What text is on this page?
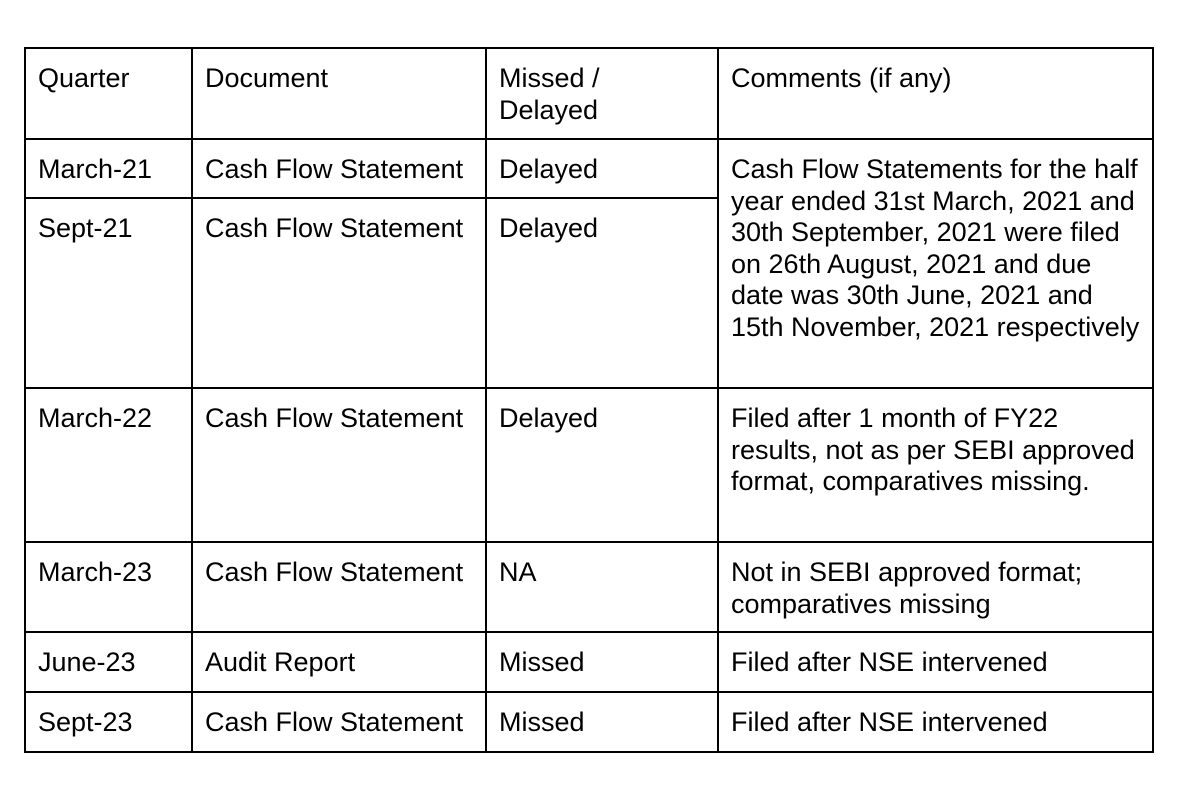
Quarter	Document	Missed / Delayed	Comments (if any)
March-21	Cash Flow Statement	Delayed	Cash Flow Statements for the half year ended 31st March, 2021 and 30th September, 2021 were filed on 26th August, 2021 and due date was 30th June, 2021 and 15th November, 2021 respectively
Sept-21	Cash Flow Statement	Delayed	
March-22	Cash Flow Statement	Delayed	Filed after 1 month of FY22 results, not as per SEBI approved format, comparatives missing.
March-23	Cash Flow Statement	NA	Not in SEBI approved format; comparatives missing
June-23	Audit Report	Missed	Filed after NSE intervened
Sept-23	Cash Flow Statement	Missed	Filed after NSE intervened
